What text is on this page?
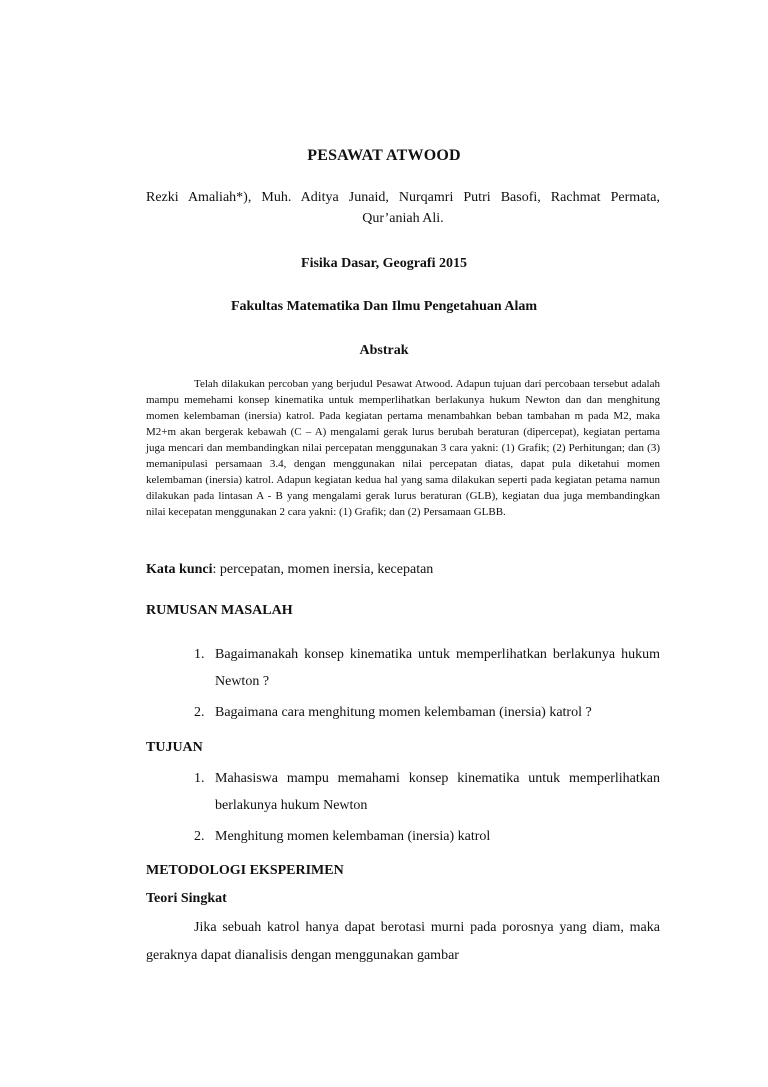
PESAWAT ATWOOD
Rezki Amaliah*), Muh. Aditya Junaid, Nurqamri Putri Basofi, Rachmat Permata, Qur’aniah Ali.
Fisika Dasar, Geografi 2015
Fakultas Matematika Dan Ilmu Pengetahuan Alam
Abstrak

Telah dilakukan percoban yang berjudul Pesawat Atwood. Adapun tujuan dari percobaan tersebut adalah mampu memehami konsep kinematika untuk memperlihatkan berlakunya hukum Newton dan dan menghitung momen kelembaman (inersia) katrol. Pada kegiatan pertama menambahkan beban tambahan m pada M2, maka M2+m akan bergerak kebawah (C – A) mengalami gerak lurus berubah beraturan (dipercepat), kegiatan pertama juga mencari dan membandingkan nilai percepatan menggunakan 3 cara yakni: (1) Grafik; (2) Perhitungan; dan (3) memanipulasi persamaan 3.4, dengan menggunakan nilai percepatan diatas, dapat pula diketahui momen kelembaman (inersia) katrol. Adapun kegiatan kedua hal yang sama dilakukan seperti pada kegiatan petama namun dilakukan pada lintasan A - B yang mengalami gerak lurus beraturan (GLB), kegiatan dua juga membandingkan nilai kecepatan menggunakan 2 cara yakni: (1) Grafik; dan (2) Persamaan GLBB.

Kata kunci: percepatan, momen inersia, kecepatan
RUMUSAN MASALAH
1. Bagaimanakah konsep kinematika untuk memperlihatkan berlakunya hukum Newton ?
2. Bagaimana cara menghitung momen kelembaman (inersia) katrol ?
TUJUAN
1. Mahasiswa mampu memahami konsep kinematika untuk memperlihatkan berlakunya hukum Newton
2. Menghitung momen kelembaman (inersia) katrol
METODOLOGI EKSPERIMEN
Teori Singkat

Jika sebuah katrol hanya dapat berotasi murni pada porosnya yang diam, maka geraknya dapat dianalisis dengan menggunakan gambar
